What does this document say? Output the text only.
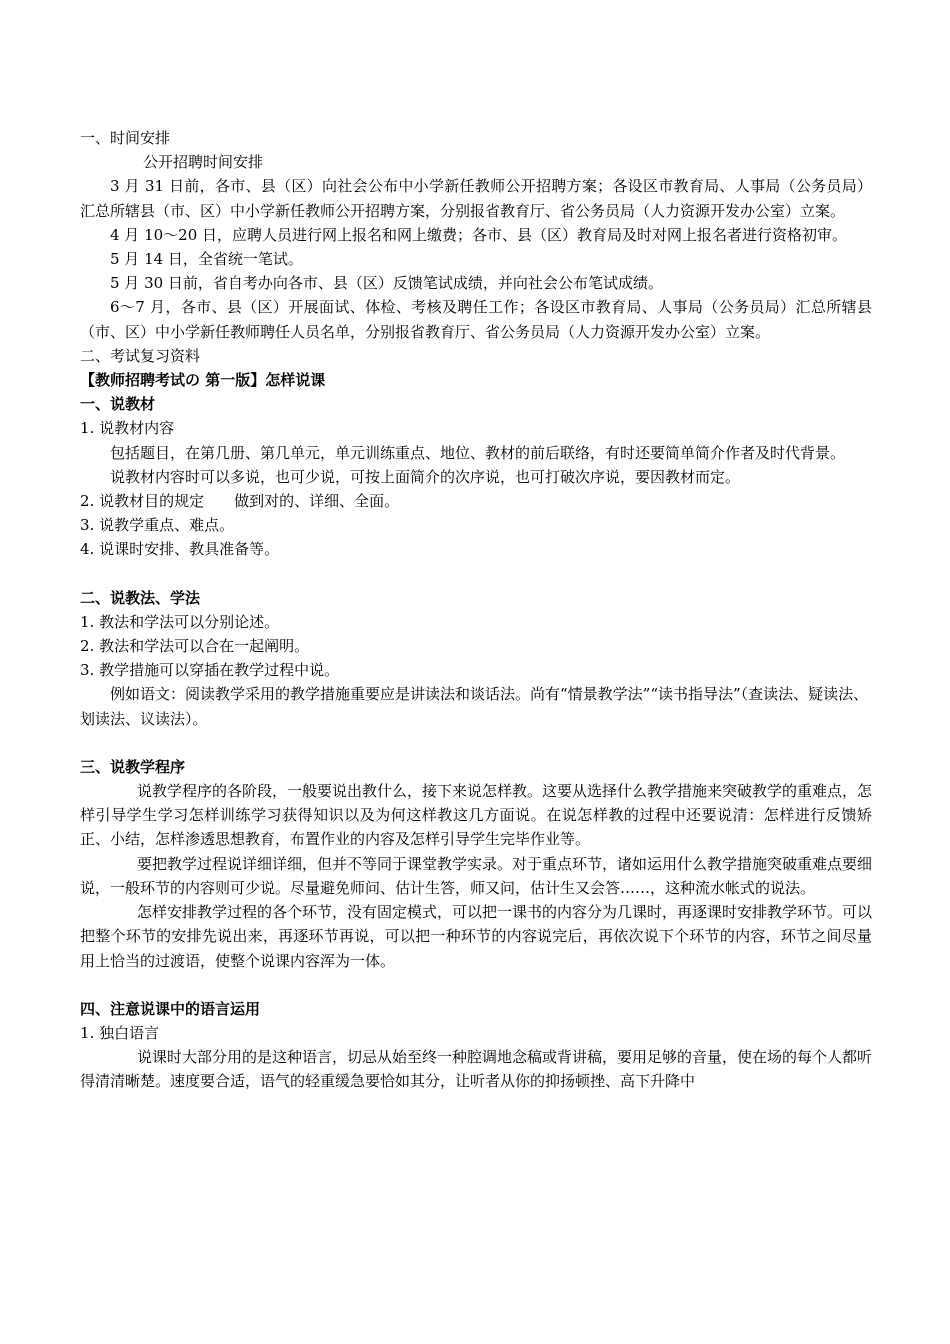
一、时间安排

公开招聘时间安排

3 月 31 日前，各市、县（区）向社会公布中小学新任教师公开招聘方案；各设区市教育局、人事局（公务员局）汇总所辖县（市、区）中小学新任教师公开招聘方案，分别报省教育厅、省公务员局（人力资源开发办公室）立案。

4 月 10～20 日，应聘人员进行网上报名和网上缴费；各市、县（区）教育局及时对网上报名者进行资格初审。

5 月 14 日，全省统一笔试。

5 月 30 日前，省自考办向各市、县（区）反馈笔试成绩，并向社会公布笔试成绩。

6～7 月，各市、县（区）开展面试、体检、考核及聘任工作；各设区市教育局、人事局（公务员局）汇总所辖县（市、区）中小学新任教师聘任人员名单，分别报省教育厅、省公务员局（人力资源开发办公室）立案。

二、考试复习资料

【教师招聘考试の 第一版】怎样说课

一、说教材

1. 说教材内容

包括题目，在第几册、第几单元，单元训练重点、地位、教材的前后联络，有时还要简单简介作者及时代背景。

说教材内容时可以多说，也可少说，可按上面简介的次序说，也可打破次序说，要因教材而定。

2. 说教材目的规定　　做到对的、详细、全面。

3. 说教学重点、难点。

4. 说课时安排、教具准备等。

二、说教法、学法

1. 教法和学法可以分别论述。

2. 教法和学法可以合在一起阐明。

3. 教学措施可以穿插在教学过程中说。

例如语文：阅读教学采用的教学措施重要应是讲读法和谈话法。尚有“情景教学法”“读书指导法”（查读法、疑读法、划读法、议读法）。

三、说教学程序

说教学程序的各阶段，一般要说出教什么，接下来说怎样教。这要从选择什么教学措施来突破教学的重难点，怎样引导学生学习怎样训练学习获得知识以及为何这样教这几方面说。在说怎样教的过程中还要说清：怎样进行反馈矫正、小结，怎样渗透思想教育，布置作业的内容及怎样引导学生完毕作业等。

要把教学过程说详细详细，但并不等同于课堂教学实录。对于重点环节，诸如运用什么教学措施突破重难点要细说，一般环节的内容则可少说。尽量避免师问、估计生答，师又问，估计生又会答……，这种流水帐式的说法。

怎样安排教学过程的各个环节，没有固定模式，可以把一课书的内容分为几课时，再逐课时安排教学环节。可以把整个环节的安排先说出来，再逐环节再说，可以把一种环节的内容说完后，再依次说下个环节的内容，环节之间尽量用上恰当的过渡语，使整个说课内容浑为一体。

四、注意说课中的语言运用

1. 独白语言

说课时大部分用的是这种语言，切忌从始至终一种腔调地念稿或背讲稿，要用足够的音量，使在场的每个人都听得清清晰楚。速度要合适，语气的轻重缓急要恰如其分，让听者从你的抑扬顿挫、高下升降中
